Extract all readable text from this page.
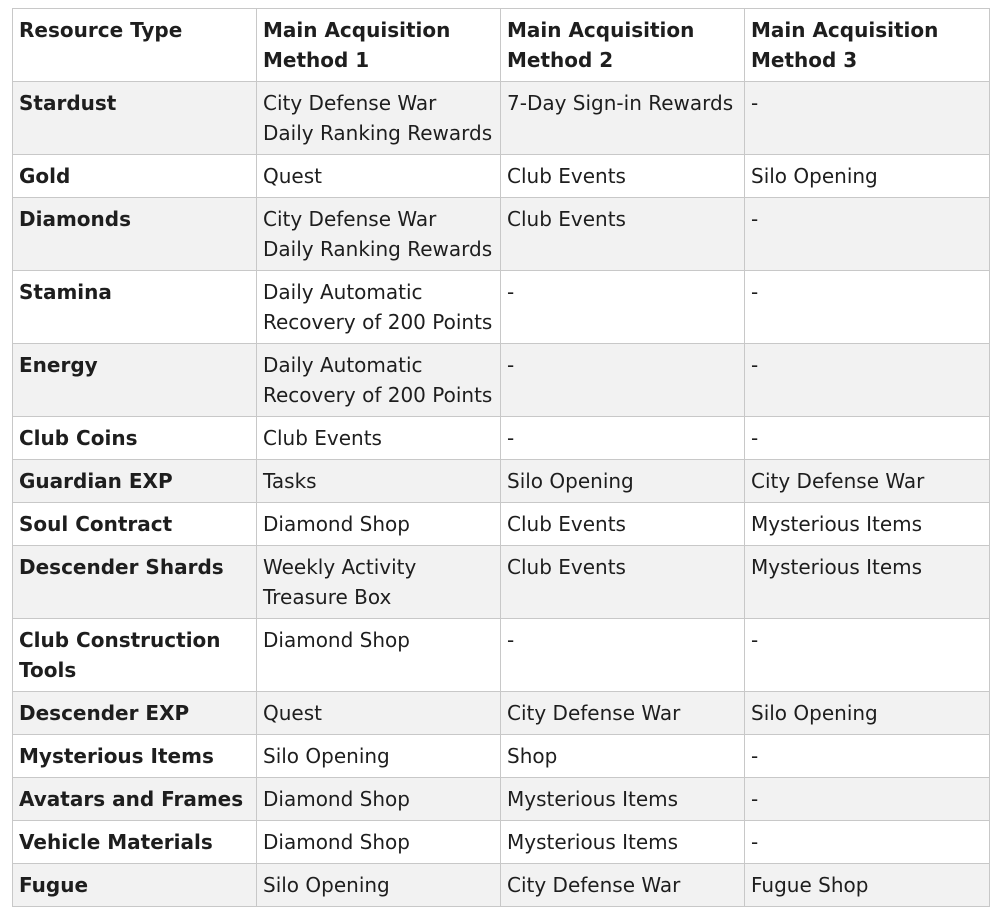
Resource Type	Main Acquisition Method 1	Main Acquisition Method 2	Main Acquisition Method 3
Stardust	City Defense War Daily Ranking Rewards	7-Day Sign-in Rewards	-
Gold	Quest	Club Events	Silo Opening
Diamonds	City Defense War Daily Ranking Rewards	Club Events	-
Stamina	Daily Automatic Recovery of 200 Points	-	-
Energy	Daily Automatic Recovery of 200 Points	-	-
Club Coins	Club Events	-	-
Guardian EXP	Tasks	Silo Opening	City Defense War
Soul Contract	Diamond Shop	Club Events	Mysterious Items
Descender Shards	Weekly Activity Treasure Box	Club Events	Mysterious Items
Club Construction Tools	Diamond Shop	-	-
Descender EXP	Quest	City Defense War	Silo Opening
Mysterious Items	Silo Opening	Shop	-
Avatars and Frames	Diamond Shop	Mysterious Items	-
Vehicle Materials	Diamond Shop	Mysterious Items	-
Fugue	Silo Opening	City Defense War	Fugue Shop
